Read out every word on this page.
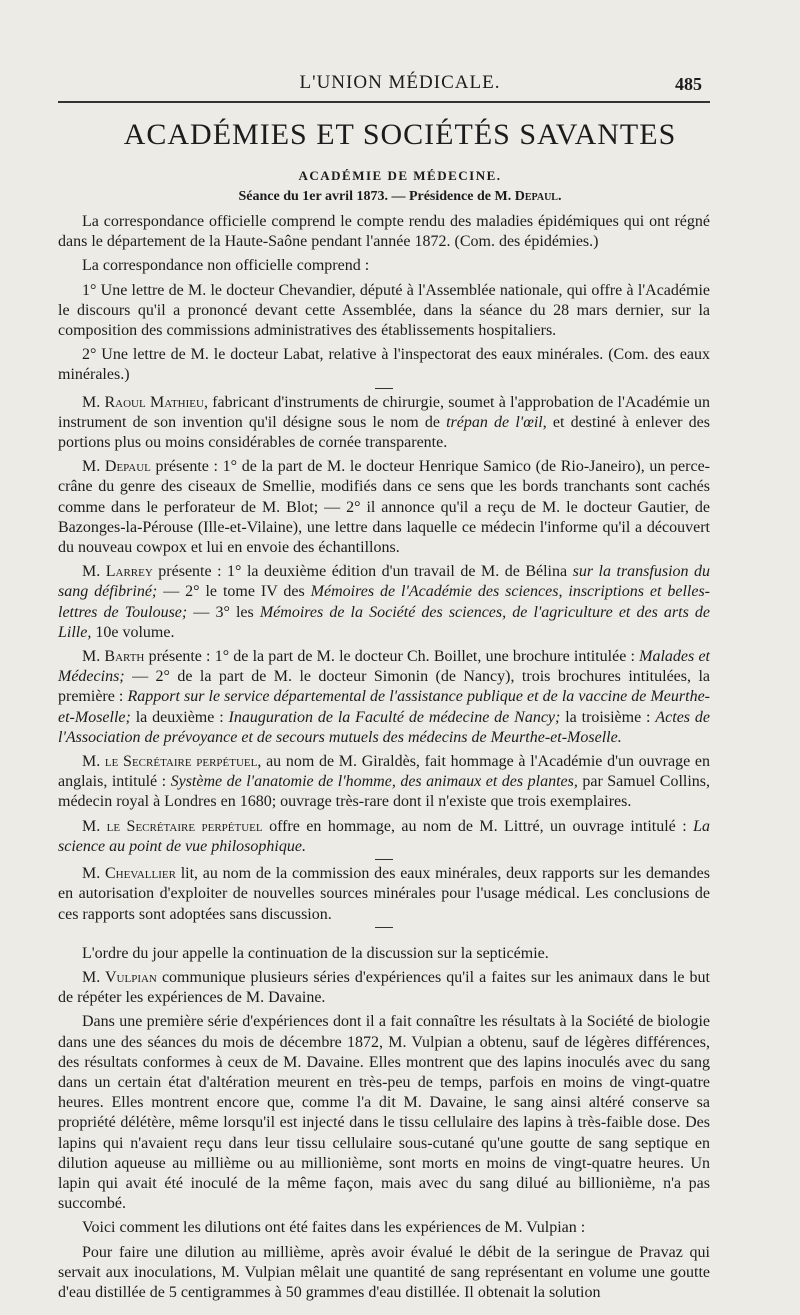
L'UNION MÉDICALE.	485
ACADÉMIES ET SOCIÉTÉS SAVANTES
ACADÉMIE DE MÉDECINE.
Séance du 1er avril 1873. — Présidence de M. Depaul.

La correspondance officielle comprend le compte rendu des maladies épidémiques qui ont régné dans le département de la Haute-Saône pendant l'année 1872. (Com. des épidémies.)

La correspondance non officielle comprend :

1° Une lettre de M. le docteur Chevandier, député à l'Assemblée nationale, qui offre à l'Académie le discours qu'il a prononcé devant cette Assemblée, dans la séance du 28 mars dernier, sur la composition des commissions administratives des établissements hospitaliers.

2° Une lettre de M. le docteur Labat, relative à l'inspectorat des eaux minérales. (Com. des eaux minérales.)

M. Raoul Mathieu, fabricant d'instruments de chirurgie, soumet à l'approbation de l'Académie un instrument de son invention qu'il désigne sous le nom de trépan de l'œil, et destiné à enlever des portions plus ou moins considérables de cornée transparente.

M. Depaul présente : 1° de la part de M. le docteur Henrique Samico (de Rio-Janeiro), un perce-crâne du genre des ciseaux de Smellie, modifiés dans ce sens que les bords tranchants sont cachés comme dans le perforateur de M. Blot; — 2° il annonce qu'il a reçu de M. le docteur Gautier, de Bazonges-la-Pérouse (Ille-et-Vilaine), une lettre dans laquelle ce médecin l'informe qu'il a découvert du nouveau cowpox et lui en envoie des échantillons.

M. Larrey présente : 1° la deuxième édition d'un travail de M. de Bélina sur la transfusion du sang défibriné; — 2° le tome IV des Mémoires de l'Académie des sciences, inscriptions et belles-lettres de Toulouse; — 3° les Mémoires de la Société des sciences, de l'agriculture et des arts de Lille, 10e volume.

M. Barth présente : 1° de la part de M. le docteur Ch. Boillet, une brochure intitulée : Malades et Médecins; — 2° de la part de M. le docteur Simonin (de Nancy), trois brochures intitulées, la première : Rapport sur le service départemental de l'assistance publique et de la vaccine de Meurthe-et-Moselle; la deuxième : Inauguration de la Faculté de médecine de Nancy; la troisième : Actes de l'Association de prévoyance et de secours mutuels des médecins de Meurthe-et-Moselle.

M. le Secrétaire perpétuel, au nom de M. Giraldès, fait hommage à l'Académie d'un ouvrage en anglais, intitulé : Système de l'anatomie de l'homme, des animaux et des plantes, par Samuel Collins, médecin royal à Londres en 1680; ouvrage très-rare dont il n'existe que trois exemplaires.

M. le Secrétaire perpétuel offre en hommage, au nom de M. Littré, un ouvrage intitulé : La science au point de vue philosophique.

M. Chevallier lit, au nom de la commission des eaux minérales, deux rapports sur les demandes en autorisation d'exploiter de nouvelles sources minérales pour l'usage médical. Les conclusions de ces rapports sont adoptées sans discussion.

L'ordre du jour appelle la continuation de la discussion sur la septicémie.

M. Vulpian communique plusieurs séries d'expériences qu'il a faites sur les animaux dans le but de répéter les expériences de M. Davaine.

Dans une première série d'expériences dont il a fait connaître les résultats à la Société de biologie dans une des séances du mois de décembre 1872, M. Vulpian a obtenu, sauf de légères différences, des résultats conformes à ceux de M. Davaine. Elles montrent que des lapins inoculés avec du sang dans un certain état d'altération meurent en très-peu de temps, parfois en moins de vingt-quatre heures. Elles montrent encore que, comme l'a dit M. Davaine, le sang ainsi altéré conserve sa propriété délétère, même lorsqu'il est injecté dans le tissu cellulaire des lapins à très-faible dose. Des lapins qui n'avaient reçu dans leur tissu cellulaire sous-cutané qu'une goutte de sang septique en dilution aqueuse au millième ou au millionième, sont morts en moins de vingt-quatre heures. Un lapin qui avait été inoculé de la même façon, mais avec du sang dilué au billionième, n'a pas succombé.

Voici comment les dilutions ont été faites dans les expériences de M. Vulpian :

Pour faire une dilution au millième, après avoir évalué le débit de la seringue de Pravaz qui servait aux inoculations, M. Vulpian mêlait une quantité de sang représentant en volume une goutte d'eau distillée de 5 centigrammes à 50 grammes d'eau distillée. Il obtenait la solution
